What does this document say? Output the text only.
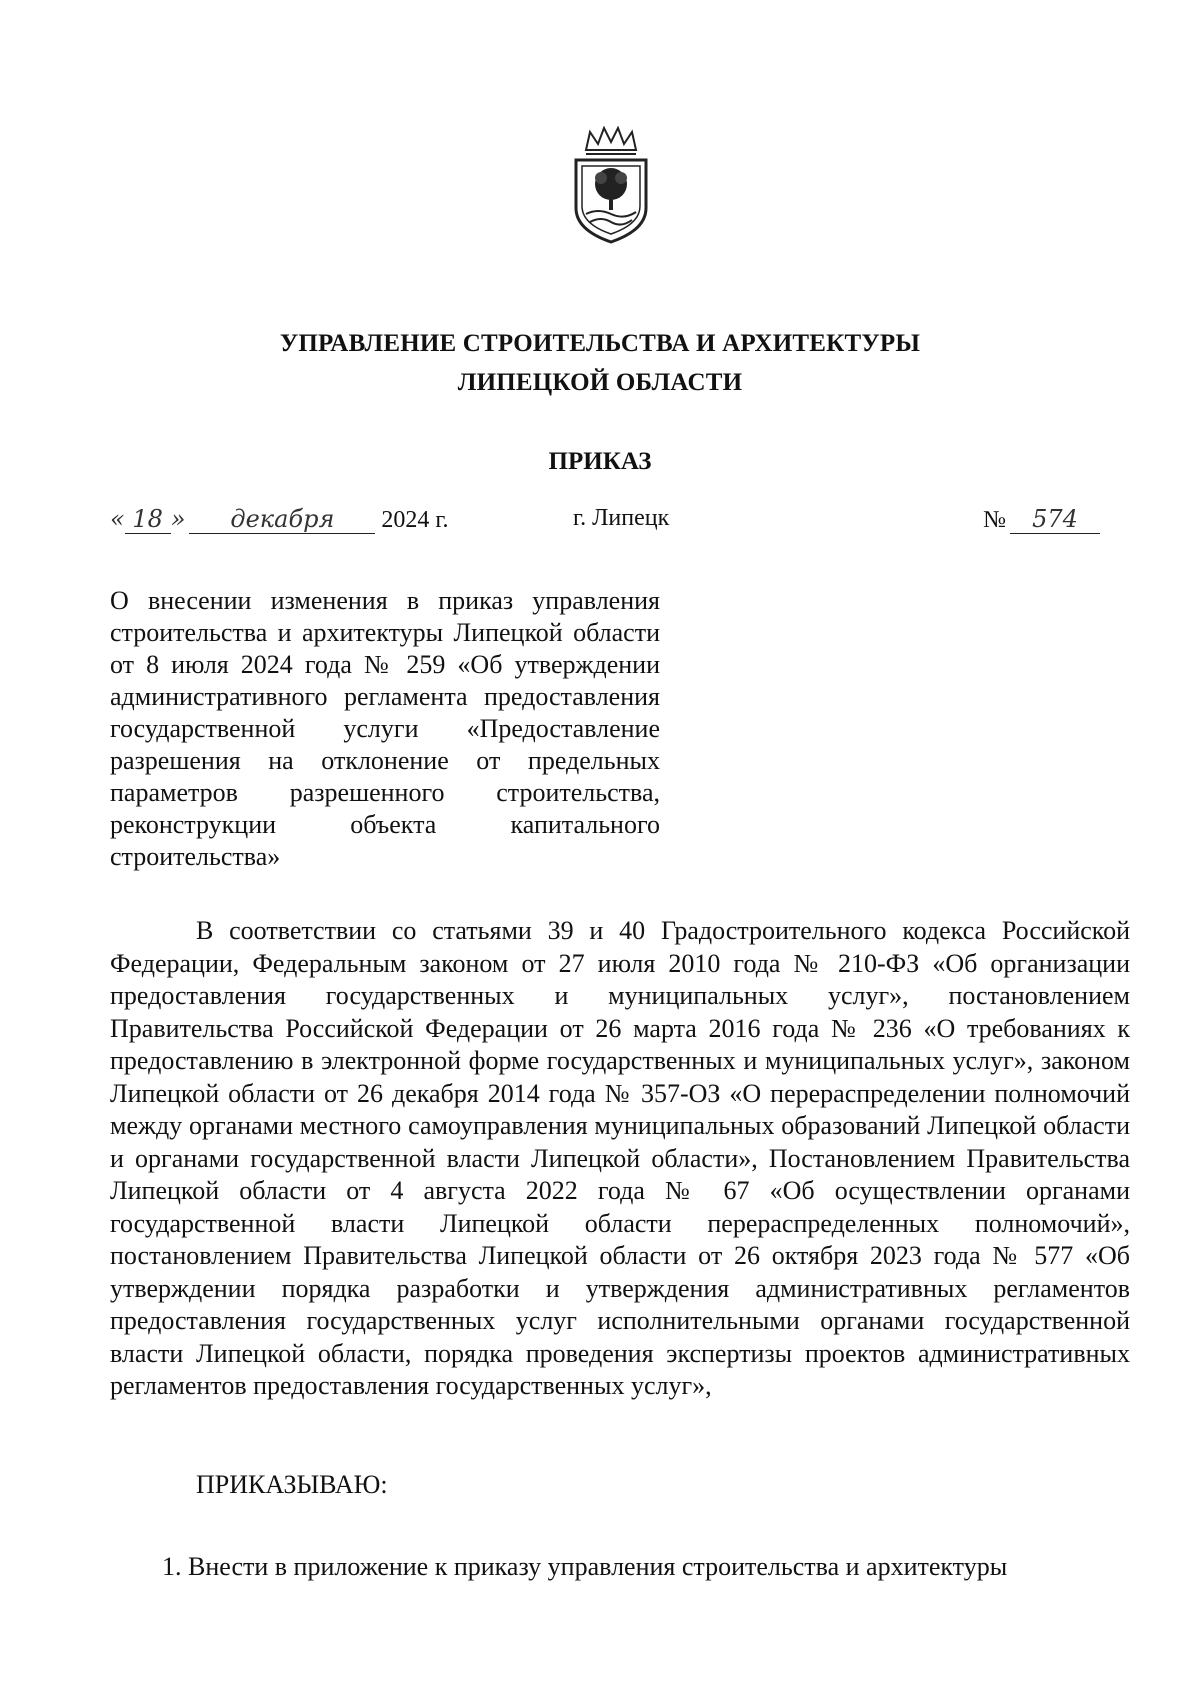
УПРАВЛЕНИЕ СТРОИТЕЛЬСТВА И АРХИТЕКТУРЫ
ЛИПЕЦКОЙ ОБЛАСТИ
ПРИКАЗ
« 18 » декабря 2024 г.	г. Липецк	№ 574
О внесении изменения в приказ управления строительства и архитектуры Липецкой области от 8 июля 2024 года № 259 «Об утверждении административного регламента предоставления государственной услуги «Предоставление разрешения на отклонение от предельных параметров разрешенного строительства, реконструкции объекта капитального строительства»
В соответствии со статьями 39 и 40 Градостроительного кодекса Российской Федерации, Федеральным законом от 27 июля 2010 года № 210-ФЗ «Об организации предоставления государственных и муниципальных услуг», постановлением Правительства Российской Федерации от 26 марта 2016 года № 236 «О требованиях к предоставлению в электронной форме государственных и муниципальных услуг», законом Липецкой области от 26 декабря 2014 года № 357-ОЗ «О перераспределении полномочий между органами местного самоуправления муниципальных образований Липецкой области и органами государственной власти Липецкой области», Постановлением Правительства Липецкой области от 4 августа 2022 года № 67 «Об осуществлении органами государственной власти Липецкой области перераспределенных полномочий», постановлением Правительства Липецкой области от 26 октября 2023 года № 577 «Об утверждении порядка разработки и утверждения административных регламентов предоставления государственных услуг исполнительными органами государственной власти Липецкой области, порядка проведения экспертизы проектов административных регламентов предоставления государственных услуг»,
ПРИКАЗЫВАЮ:
1. Внести в приложение к приказу управления строительства и архитектуры
